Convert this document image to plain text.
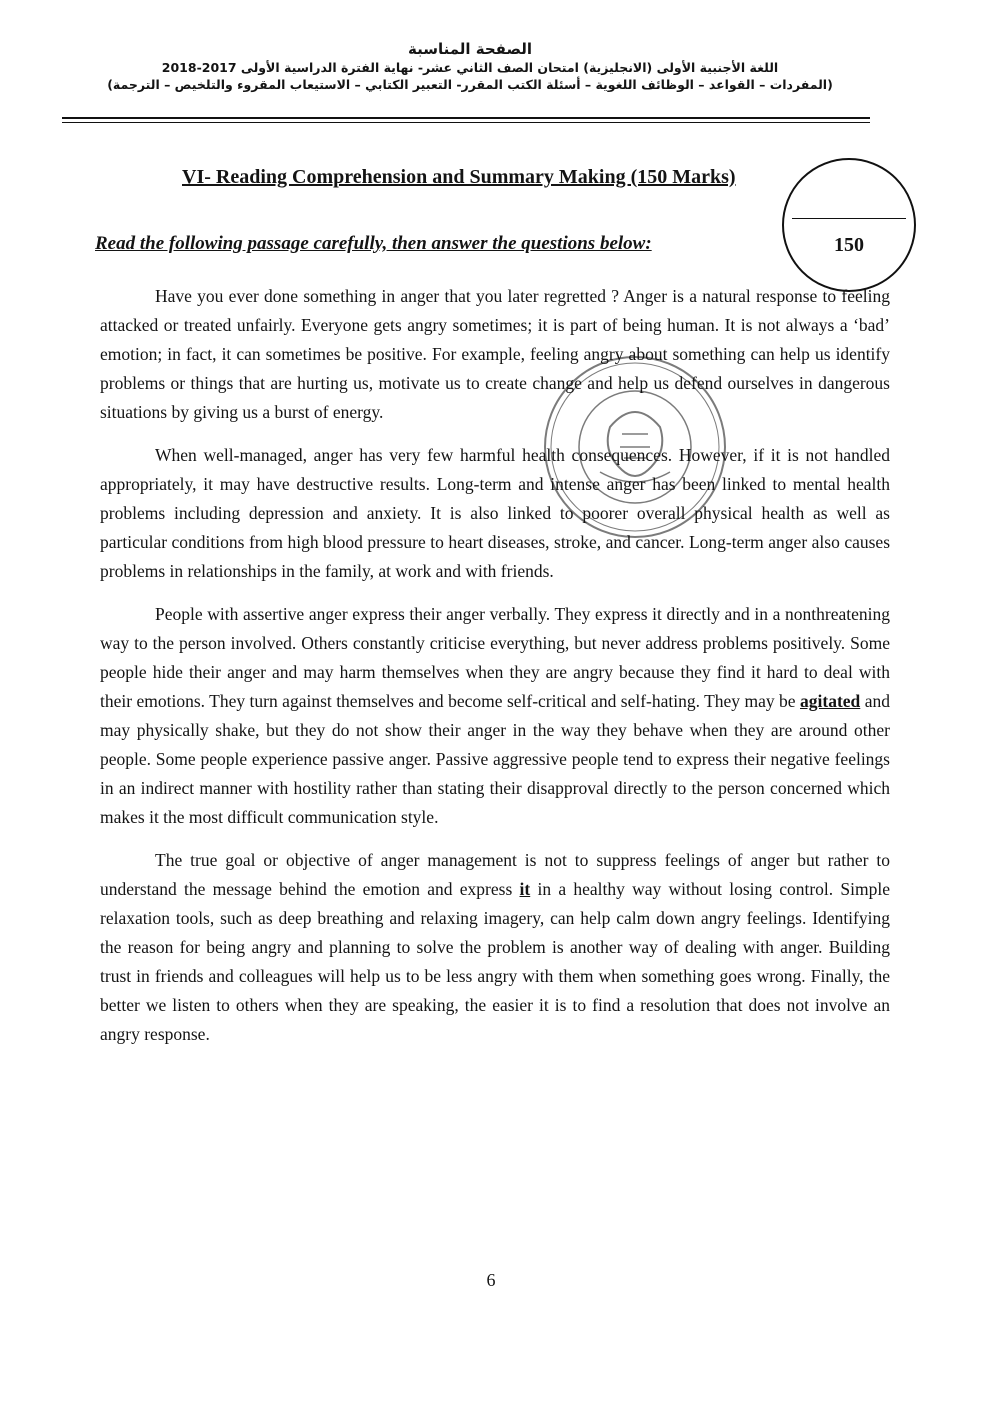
الصفحة المناسبة
اللغة الأجنبية الأولى (الانجليزية) امتحان الصف الثاني عشر- نهاية الفترة الدراسية الأولى 2017-2018
(المفردات – القواعد – الوظائف اللغوية – أسئلة الكتب المقرر- التعبير الكتابي – الاستيعاب المقروء والتلخيص – الترجمة)
VI- Reading Comprehension and Summary Making (150 Marks)
Read the following passage carefully, then answer the questions below:	150

Have you ever done something in anger that you later regretted ? Anger is a natural response to feeling attacked or treated unfairly. Everyone gets angry sometimes; it is part of being human. It is not always a ‘bad’ emotion; in fact, it can sometimes be positive. For example, feeling angry about something can help us identify problems or things that are hurting us, motivate us to create change and help us defend ourselves in dangerous situations by giving us a burst of energy.

When well-managed, anger has very few harmful health consequences. However, if it is not handled appropriately, it may have destructive results. Long-term and intense anger has been linked to mental health problems including depression and anxiety. It is also linked to poorer overall physical health as well as particular conditions from high blood pressure to heart diseases, stroke, and cancer. Long-term anger also causes problems in relationships in the family, at work and with friends.

People with assertive anger express their anger verbally. They express it directly and in a nonthreatening way to the person involved. Others constantly criticise everything, but never address problems positively. Some people hide their anger and may harm themselves when they are angry because they find it hard to deal with their emotions. They turn against themselves and become self-critical and self-hating. They may be agitated and may physically shake, but they do not show their anger in the way they behave when they are around other people. Some people experience passive anger. Passive aggressive people tend to express their negative feelings in an indirect manner with hostility rather than stating their disapproval directly to the person concerned which makes it the most difficult communication style.

The true goal or objective of anger management is not to suppress feelings of anger but rather to understand the message behind the emotion and express it in a healthy way without losing control. Simple relaxation tools, such as deep breathing and relaxing imagery, can help calm down angry feelings. Identifying the reason for being angry and planning to solve the problem is another way of dealing with anger. Building trust in friends and colleagues will help us to be less angry with them when something goes wrong. Finally, the better we listen to others when they are speaking, the easier it is to find a resolution that does not involve an angry response.

6
